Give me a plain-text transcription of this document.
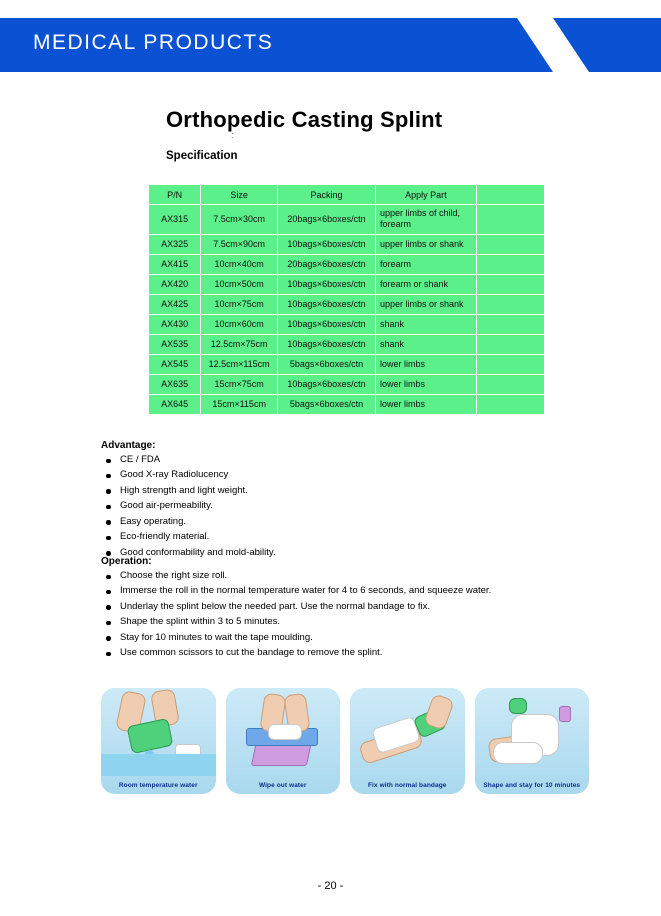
MEDICAL PRODUCTS
Orthopedic Casting Splint
:
Specification
P/N	Size	Packing	Apply Part	
AX315	7.5cm×30cm	20bags×6boxes/ctn	upper limbs of child, forearm	
AX325	7.5cm×90cm	10bags×6boxes/ctn	upper limbs or shank	
AX415	10cm×40cm	20bags×6boxes/ctn	forearm	
AX420	10cm×50cm	10bags×6boxes/ctn	forearm or shank	
AX425	10cm×75cm	10bags×6boxes/ctn	upper limbs or shank	
AX430	10cm×60cm	10bags×6boxes/ctn	shank	
AX535	12.5cm×75cm	10bags×6boxes/ctn	shank	
AX545	12.5cm×115cm	5bags×6boxes/ctn	lower limbs	
AX635	15cm×75cm	10bags×6boxes/ctn	lower limbs	
AX645	15cm×115cm	5bags×6boxes/ctn	lower limbs	
Advantage:
CE / FDA
Good X-ray Radiolucency
High strength and light weight.
Good air-permeability.
Easy operating.
Eco-friendly material.
Good conformability and mold-ability.
Operation:
Choose the right size roll.
Immerse the roll in the normal temperature water for 4 to 6 seconds, and squeeze water.
Underlay the splint below the needed part. Use the normal bandage to fix.
Shape the splint within 3 to 5 minutes.
Stay for 10 minutes to wait the tape moulding.
Use common scissors to cut the bandage to remove the splint.
Room temperature water	Wipe out water	Fix with normal bandage	Shape and stay for 10 minutes
- 20 -
